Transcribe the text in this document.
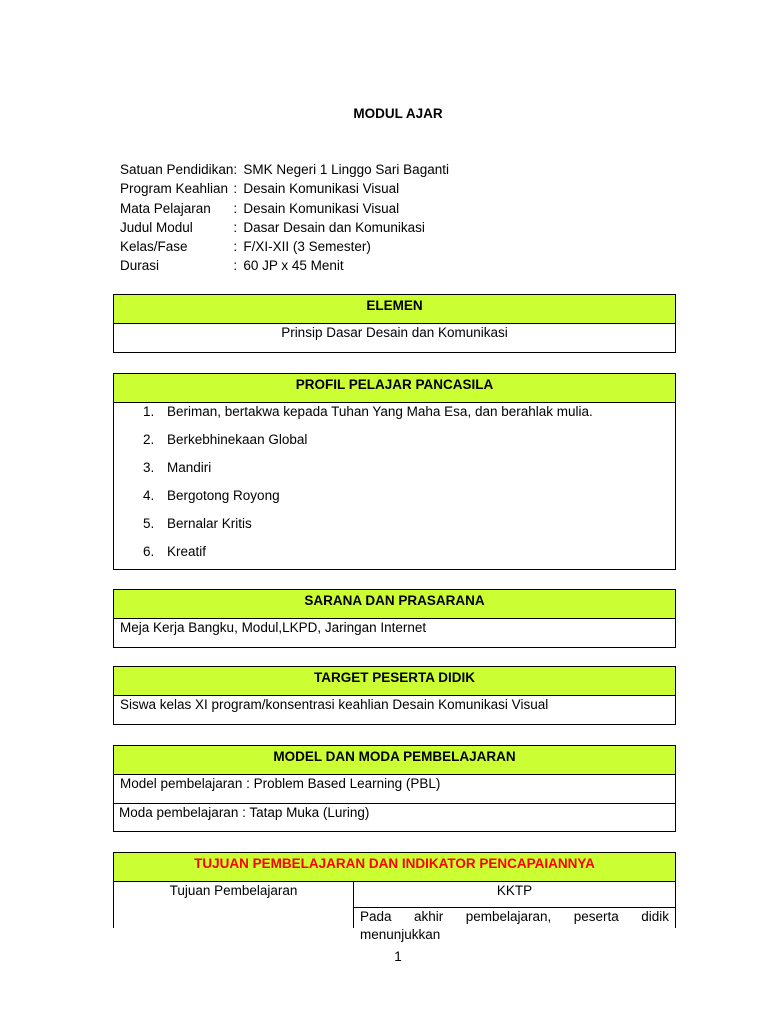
MODUL AJAR
Satuan Pendidikan	:	SMK Negeri 1 Linggo Sari Baganti
Program Keahlian	:	Desain Komunikasi Visual
Mata Pelajaran	:	Desain Komunikasi Visual
Judul Modul	:	Dasar Desain dan Komunikasi
Kelas/Fase	:	F/XI-XII (3 Semester)
Durasi	:	60 JP x 45 Menit
ELEMEN
Prinsip Dasar Desain dan Komunikasi
PROFIL PELAJAR PANCASILA
1. Beriman, bertakwa kepada Tuhan Yang Maha Esa, dan berahlak mulia.
2. Berkebhinekaan Global
3. Mandiri
4. Bergotong Royong
5. Bernalar Kritis
6. Kreatif
SARANA DAN PRASARANA
Meja Kerja Bangku, Modul,LKPD, Jaringan Internet
TARGET PESERTA DIDIK
Siswa kelas XI program/konsentrasi keahlian Desain Komunikasi Visual
MODEL DAN MODA PEMBELAJARAN
Model pembelajaran : Problem Based Learning (PBL)
Moda pembelajaran : Tatap Muka (Luring)
TUJUAN PEMBELAJARAN DAN INDIKATOR PENCAPAIANNYA
Tujuan Pembelajaran	KKTP
Pada akhir pembelajaran, peserta didik menunjukkan
1
